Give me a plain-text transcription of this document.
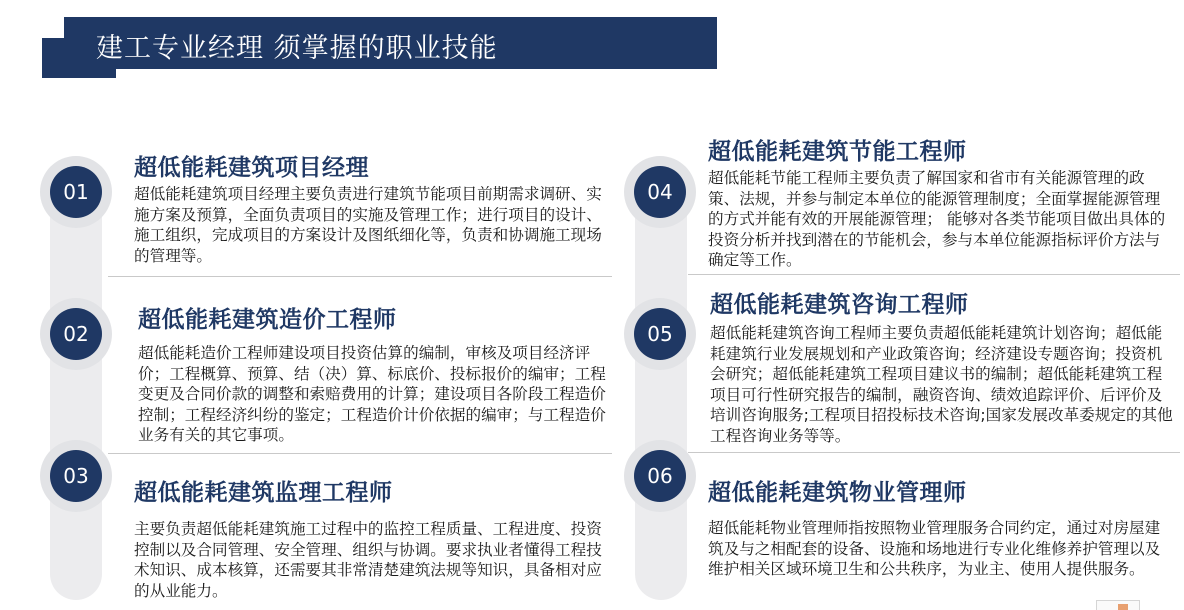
建工专业经理 须掌握的职业技能
01
超低能耗建筑项目经理
超低能耗建筑项目经理主要负责进行建筑节能项目前期需求调研、实施方案及预算，全面负责项目的实施及管理工作；进行项目的设计、施工组织，完成项目的方案设计及图纸细化等，负责和协调施工现场的管理等。
02
超低能耗建筑造价工程师
超低能耗造价工程师建设项目投资估算的编制，审核及项目经济评价；工程概算、预算、结（决）算、标底价、投标报价的编审；工程变更及合同价款的调整和索赔费用的计算；建设项目各阶段工程造价控制；工程经济纠纷的鉴定；工程造价计价依据的编审；与工程造价业务有关的其它事项。
03
超低能耗建筑监理工程师
主要负责超低能耗建筑施工过程中的监控工程质量、工程进度、投资控制以及合同管理、安全管理、组织与协调。要求执业者懂得工程技术知识、成本核算，还需要其非常清楚建筑法规等知识，具备相对应的从业能力。
04
超低能耗建筑节能工程师
超低能耗节能工程师主要负责了解国家和省市有关能源管理的政策、法规，并参与制定本单位的能源管理制度；全面掌握能源管理的方式并能有效的开展能源管理； 能够对各类节能项目做出具体的投资分析并找到潜在的节能机会，参与本单位能源指标评价方法与确定等工作。
05
超低能耗建筑咨询工程师
超低能耗建筑咨询工程师主要负责超低能耗建筑计划咨询；超低能耗建筑行业发展规划和产业政策咨询；经济建设专题咨询；投资机会研究；超低能耗建筑工程项目建议书的编制；超低能耗建筑工程项目可行性研究报告的编制，融资咨询、绩效追踪评价、后评价及培训咨询服务;工程项目招投标技术咨询;国家发展改革委规定的其他工程咨询业务等等。
06
超低能耗建筑物业管理师
超低能耗物业管理师指按照物业管理服务合同约定，通过对房屋建筑及与之相配套的设备、设施和场地进行专业化维修养护管理以及维护相关区域环境卫生和公共秩序，为业主、使用人提供服务。
